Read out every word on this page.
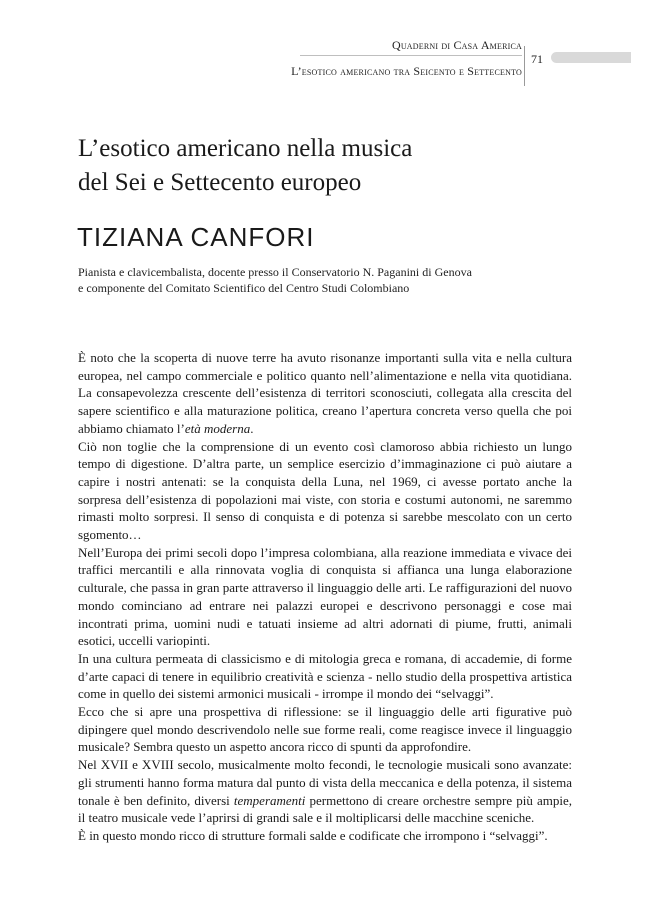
Quaderni di Casa America
L’esotico americano tra Seicento e Settecento
71
L’esotico americano nella musica
del Sei e Settecento europeo
TIZIANA CANFORI
Pianista e clavicembalista, docente presso il Conservatorio N. Paganini di Genova
e componente del Comitato Scientifico del Centro Studi Colombiano

È noto che la scoperta di nuove terre ha avuto risonanze importanti sulla vita e nella cultura europea, nel campo commerciale e politico quanto nell’alimentazione e nella vita quotidiana. La consapevolezza crescente dell’esistenza di territori sconosciuti, collegata alla crescita del sapere scientifico e alla maturazione politica, creano l’apertura concreta verso quella che poi abbiamo chiamato l’età moderna.

Ciò non toglie che la comprensione di un evento così clamoroso abbia richiesto un lungo tempo di digestione. D’altra parte, un semplice esercizio d’immaginazione ci può aiutare a capire i nostri antenati: se la conquista della Luna, nel 1969, ci avesse portato anche la sorpresa dell’esistenza di popolazioni mai viste, con storia e costumi autonomi, ne saremmo rimasti molto sorpresi. Il senso di conquista e di potenza si sarebbe mescolato con un certo sgomento…

Nell’Europa dei primi secoli dopo l’impresa colombiana, alla reazione immediata e vivace dei traffici mercantili e alla rinnovata voglia di conquista si affianca una lunga elaborazione culturale, che passa in gran parte attraverso il linguaggio delle arti. Le raffigurazioni del nuovo mondo cominciano ad entrare nei palazzi europei e descrivono personaggi e cose mai incontrati prima, uomini nudi e tatuati insieme ad altri adornati di piume, frutti, animali esotici, uccelli variopinti.

In una cultura permeata di classicismo e di mitologia greca e romana, di accademie, di forme d’arte capaci di tenere in equilibrio creatività e scienza - nello studio della prospettiva artistica come in quello dei sistemi armonici musicali - irrompe il mondo dei “selvaggi”.

Ecco che si apre una prospettiva di riflessione: se il linguaggio delle arti figurative può dipingere quel mondo descrivendolo nelle sue forme reali, come reagisce invece il linguaggio musicale? Sembra questo un aspetto ancora ricco di spunti da approfondire.

Nel XVII e XVIII secolo, musicalmente molto fecondi, le tecnologie musicali sono avanzate: gli strumenti hanno forma matura dal punto di vista della meccanica e della potenza, il sistema tonale è ben definito, diversi temperamenti permettono di creare orchestre sempre più ampie, il teatro musicale vede l’aprirsi di grandi sale e il moltiplicarsi delle macchine sceniche.

È in questo mondo ricco di strutture formali salde e codificate che irrompono i “selvaggi”.
